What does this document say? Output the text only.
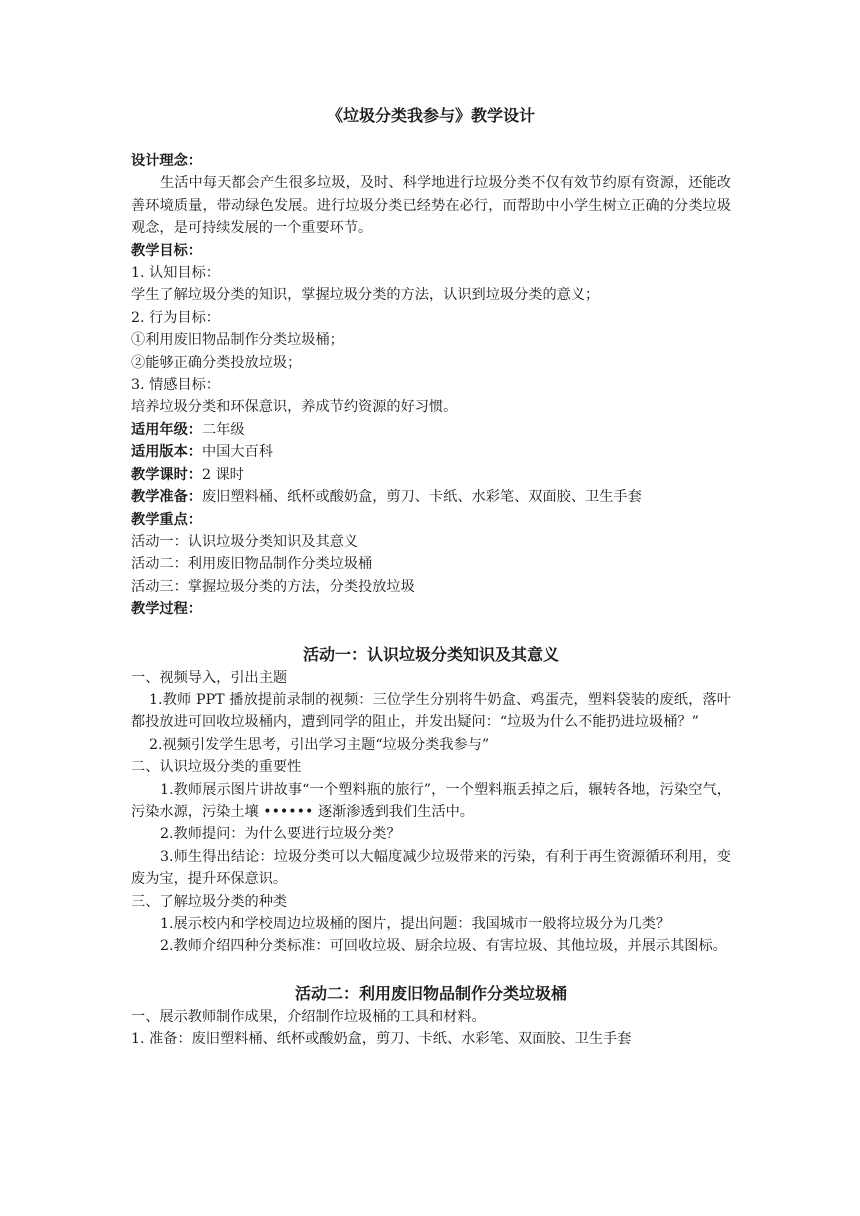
《垃圾分类我参与》教学设计

设计理念：

生活中每天都会产生很多垃圾，及时、科学地进行垃圾分类不仅有效节约原有资源，还能改善环境质量，带动绿色发展。进行垃圾分类已经势在必行，而帮助中小学生树立正确的分类垃圾观念，是可持续发展的一个重要环节。

教学目标：

1. 认知目标：

学生了解垃圾分类的知识，掌握垃圾分类的方法，认识到垃圾分类的意义；

2. 行为目标：

①利用废旧物品制作分类垃圾桶；

②能够正确分类投放垃圾；

3. 情感目标：

培养垃圾分类和环保意识，养成节约资源的好习惯。

适用年级：二年级

适用版本：中国大百科

教学课时：2 课时

教学准备：废旧塑料桶、纸杯或酸奶盒，剪刀、卡纸、水彩笔、双面胶、卫生手套

教学重点：

活动一：认识垃圾分类知识及其意义

活动二：利用废旧物品制作分类垃圾桶

活动三：掌握垃圾分类的方法，分类投放垃圾

教学过程：

活动一：认识垃圾分类知识及其意义

一、视频导入，引出主题

1.教师 PPT 播放提前录制的视频：三位学生分别将牛奶盒、鸡蛋壳，塑料袋装的废纸，落叶都投放进可回收垃圾桶内，遭到同学的阻止，并发出疑问：“垃圾为什么不能扔进垃圾桶？”

2.视频引发学生思考，引出学习主题“垃圾分类我参与”

二、认识垃圾分类的重要性

1.教师展示图片讲故事“一个塑料瓶的旅行”，一个塑料瓶丢掉之后，辗转各地，污染空气，污染水源，污染土壤 •••••• 逐渐渗透到我们生活中。

2.教师提问：为什么要进行垃圾分类？

3.师生得出结论：垃圾分类可以大幅度减少垃圾带来的污染，有利于再生资源循环利用，变废为宝，提升环保意识。

三、了解垃圾分类的种类

1.展示校内和学校周边垃圾桶的图片，提出问题：我国城市一般将垃圾分为几类？

2.教师介绍四种分类标准：可回收垃圾、厨余垃圾、有害垃圾、其他垃圾，并展示其图标。

活动二：利用废旧物品制作分类垃圾桶

一、展示教师制作成果，介绍制作垃圾桶的工具和材料。

1. 准备：废旧塑料桶、纸杯或酸奶盒，剪刀、卡纸、水彩笔、双面胶、卫生手套
